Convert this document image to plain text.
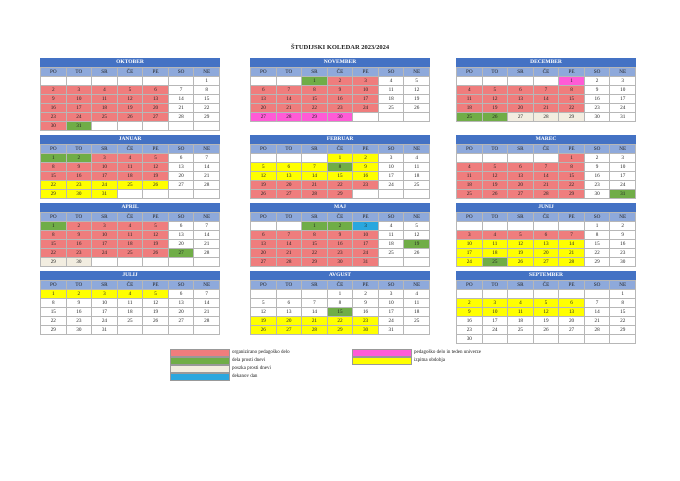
ŠTUDIJSKI KOLEDAR 2023/2024
OKTOBER
PO	TO	SR	ČE	PE	SO	NE
						1
2	3	4	5	6	7	8
9	10	11	12	13	14	15
16	17	18	19	20	21	22
23	24	25	26	27	28	29
30	31					
NOVEMBER
PO	TO	SR	ČE	PE	SO	NE
		1	2	3	4	5
6	7	8	9	10	11	12
13	14	15	16	17	18	19
20	21	22	23	24	25	26
27	28	29	30			
DECEMBER
PO	TO	SR	ČE	PE	SO	NE
				1	2	3
4	5	6	7	8	9	10
11	12	13	14	15	16	17
18	19	20	21	22	23	24
25	26	27	28	29	30	31
JANUAR
PO	TO	SR	ČE	PE	SO	NE
1	2	3	4	5	6	7
8	9	10	11	12	13	14
15	16	17	18	19	20	21
22	23	24	25	26	27	28
29	30	31				
FEBRUAR
PO	TO	SR	ČE	PE	SO	NE
			1	2	3	4
5	6	7	8	9	10	11
12	13	14	15	16	17	18
19	20	21	22	23	24	25
26	27	28	29			
MAREC
PO	TO	SR	ČE	PE	SO	NE
				1	2	3
4	5	6	7	8	9	10
11	12	13	14	15	16	17
18	19	20	21	22	23	24
25	26	27	28	29	30	31
APRIL
PO	TO	SR	ČE	PE	SO	NE
1	2	3	4	5	6	7
8	9	10	11	12	13	14
15	16	17	18	19	20	21
22	23	24	25	26	27	28
29	30					
MAJ
PO	TO	SR	ČE	PE	SO	NE
		1	2	3	4	5
6	7	8	9	10	11	12
13	14	15	16	17	18	19
20	21	22	23	24	25	26
27	28	29	30	31		
JUNIJ
PO	TO	SR	ČE	PE	SO	NE
					1	2
3	4	5	6	7	8	9
10	11	12	13	14	15	16
17	18	19	20	21	22	23
24	25	26	27	28	29	30
JULIJ
PO	TO	SR	ČE	PE	SO	NE
1	2	3	4	5	6	7
8	9	10	11	12	13	14
15	16	17	18	19	20	21
22	23	24	25	26	27	28
29	30	31				
AVGUST
PO	TO	SR	ČE	PE	SO	NE
			1	2	3	4
5	6	7	8	9	10	11
12	13	14	15	16	17	18
19	20	21	22	23	24	25
26	27	28	29	30	31	
SEPTEMBER
PO	TO	SR	ČE	PE	SO	NE
						1
2	3	4	5	6	7	8
9	10	11	12	13	14	15
16	17	18	19	20	21	22
23	24	25	26	27	28	29
30						
organizirano pedagoško delo
dela prosti dnevi
poszka prosti dnevi
dekanov dan
pedagoško delo in teden univerze
izpitna obdobja
